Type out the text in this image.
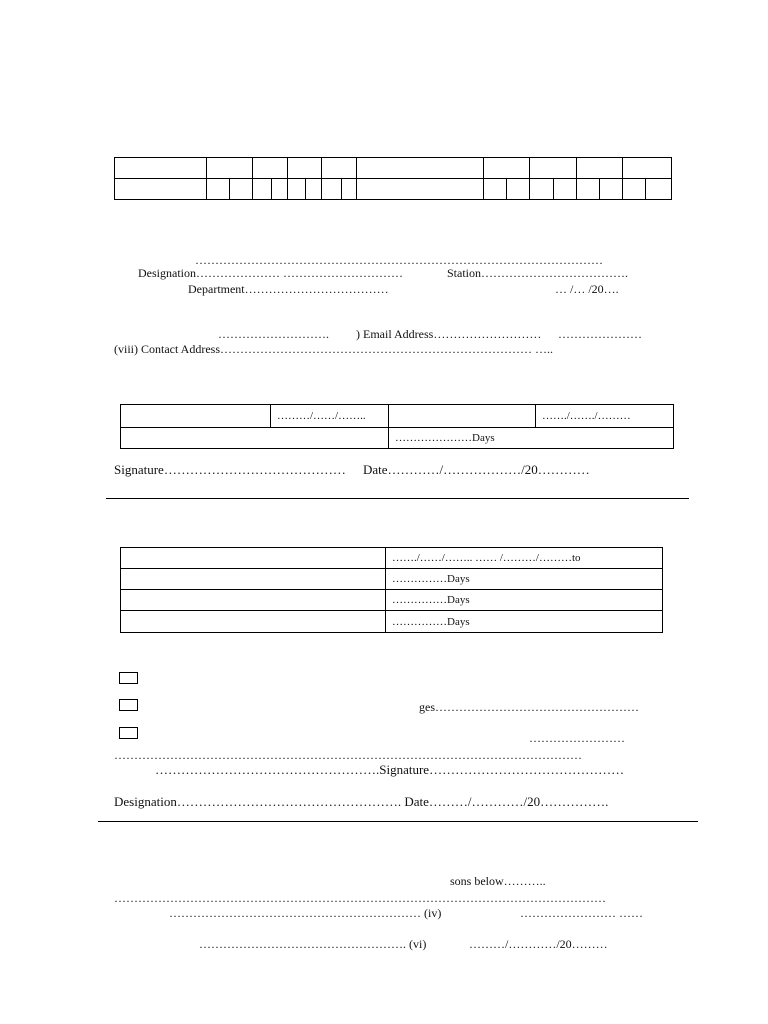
…………………………………………………………………………………………
Designation………………… …………………………	Station……………………………….
Department………………………………	… /… /20….
………………………. ) Email Address……………………… …………………
(viii) Contact Address…………………………………………………………………… …..
	………/……/……..		……./……./………
		…………………Days	
Signature…………………………………… Date…………/………………/20…………
	……./……/…….. …… /………/………to
	……………Days
	……………Days
	……………Days
ges……………………………………………
……………………
………………………………………………………………………………………………………
…………………………………………….Signature………………………………………
Designation……………………………………………. Date………/…………/20…………….
sons below………..
……………………………………………………………………………………………………………
……………………………………………………… (iv)	…………………… ……
……………………………………………. (vi)	………/…………/20………
